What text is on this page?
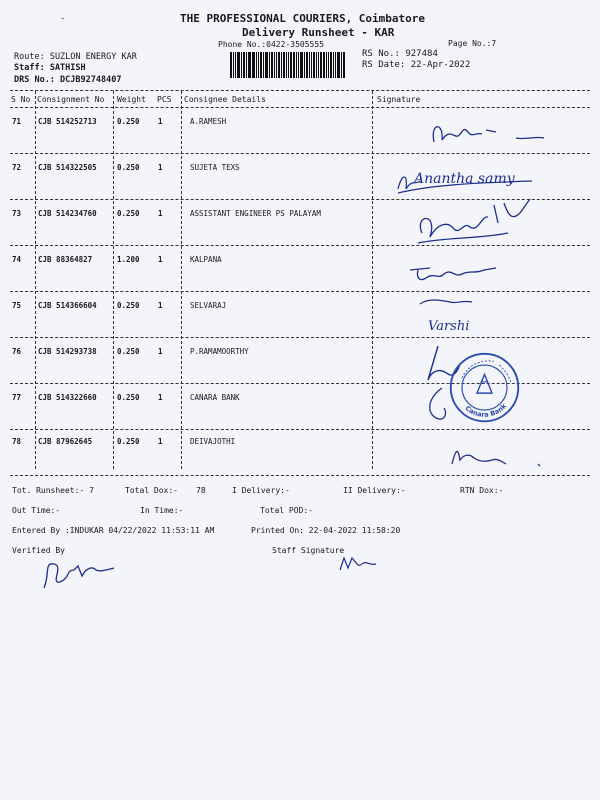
˜	THE PROFESSIONAL COURIERS, Coimbatore
Delivery Runsheet - KAR
Phone No.:0422-3505555	Page No.:7
Route: SUZLON ENERGY KAR
Staff: SATHISH
DRS No.: DCJB92748407
RS No.: 927484
RS Date: 22-Apr-2022
S No Consignment No Weight PCS Consignee Details	Signature
71 CJB 514252713	0.250 1	A.RAMESH
72 CJB 514322505	0.250 1	SUJETA TEXS
73 CJB 514234760	0.250 1	ASSISTANT ENGINEER PS PALAYAM
74 CJB 88364827	1.200 1	KALPANA
75 CJB 514366604	0.250 1	SELVARAJ
76 CJB 514293738	0.250 1	P.RAMAMOORTHY
77 CJB 514322660	0.250 1	CANARA BANK
78 CJB 87962645	0.250 1	DEIVAJOTHI
Anantha samy
Varshi
Canara Bank
Tot. Runsheet:- 7	Total Dox:- 78	I Delivery:-	II Delivery:-	RTN Dox:-
Out Time:-	In Time:-	Total POD:-
Entered By :INDUKAR 04/22/2022 11:53:11 AM	Printed On: 22-04-2022 11:58:20
Verified By	Staff Signature
